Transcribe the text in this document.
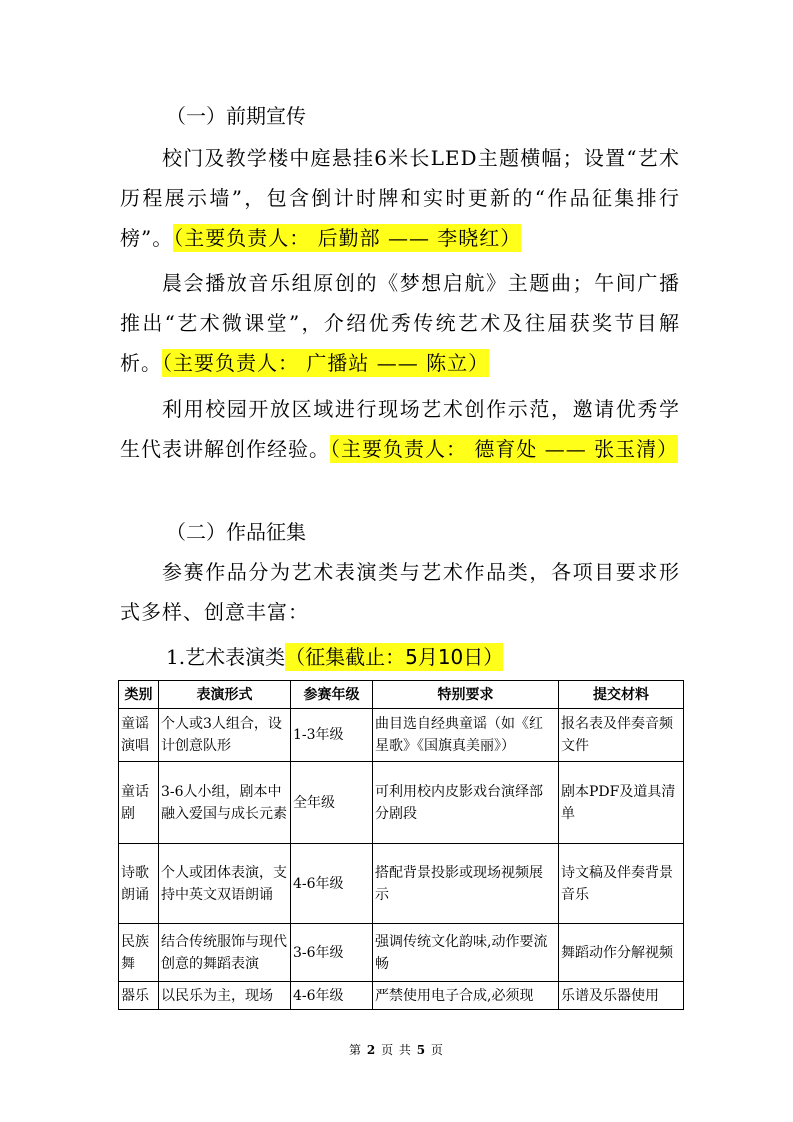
（一）前期宣传

校门及教学楼中庭悬挂6米长LED主题横幅；设置“艺术历程展示墙”，包含倒计时牌和实时更新的“作品征集排行榜”。（主要负责人： 后勤部 —— 李晓红）

晨会播放音乐组原创的《梦想启航》主题曲；午间广播推出“艺术微课堂”，介绍优秀传统艺术及往届获奖节目解析。（主要负责人： 广播站 —— 陈立）

利用校园开放区域进行现场艺术创作示范，邀请优秀学生代表讲解创作经验。（主要负责人： 德育处 —— 张玉清）

（二）作品征集

参赛作品分为艺术表演类与艺术作品类，各项目要求形式多样、创意丰富：

1.艺术表演类（征集截止：5月10日）
类别	表演形式	参赛年级	特别要求	提交材料
童谣演唱	个人或3人组合，设计创意队形	1-3年级	曲目选自经典童谣（如《红星歌》《国旗真美丽》）	报名表及伴奏音频文件
童话剧	3-6人小组，剧本中融入爱国与成长元素	全年级	可利用校内皮影戏台演绎部分剧段	剧本PDF及道具清单
诗歌朗诵	个人或团体表演，支持中英文双语朗诵	4-6年级	搭配背景投影或现场视频展示	诗文稿及伴奏背景音乐
民族舞	结合传统服饰与现代创意的舞蹈表演	3-6年级	强调传统文化韵味,动作要流畅	舞蹈动作分解视频
器乐	以民乐为主，现场	4-6年级	严禁使用电子合成,必须现	乐谱及乐器使用
第 2 页 共 5 页
